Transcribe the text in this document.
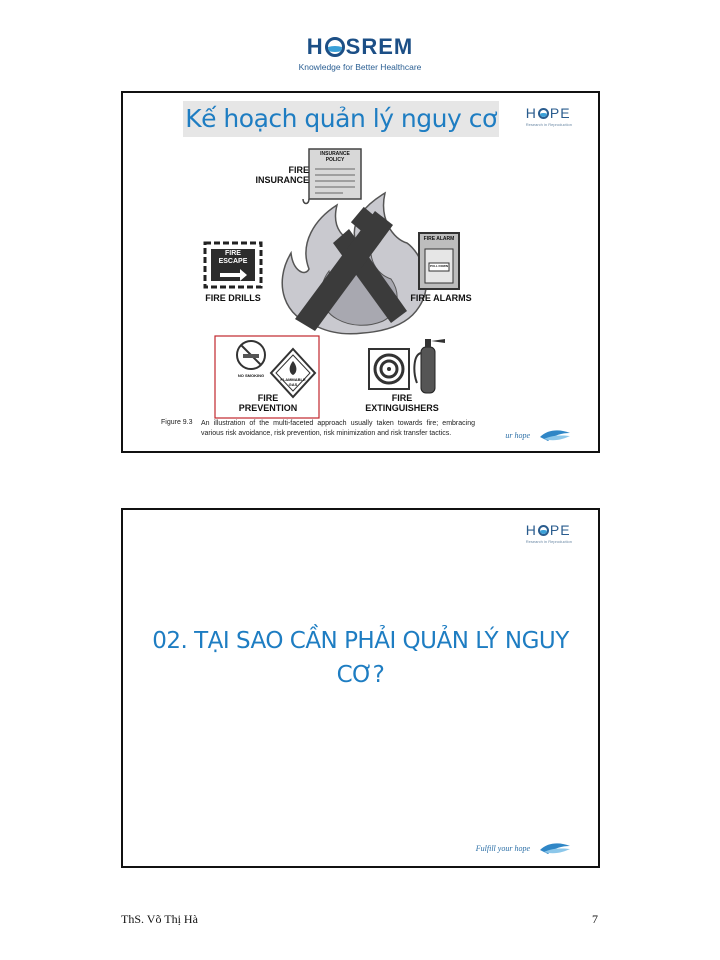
H SREM
Knowledge for Better Healthcare
Kế hoạch quản lý nguy cơ H PE
Research in Reproduction
FIRE
INSURANCE
INSURANCE
POLICY
FIRE
ESCAPE
FIRE DRILLS
FIRE ALARM
PULL DOWN
FIRE ALARMS
NO SMOKING
FLAMMABLE
GAS
FIRE
PREVENTION
FIRE
EXTINGUISHERS
Figure 9.3 An illustration of the multi-faceted approach usually taken towards fire; embracing various risk avoidance, risk prevention, risk minimization and risk transfer tactics.	ur hope
H PE
Research in Reproduction
02. TẠI SAO CẦN PHẢI QUẢN LÝ NGUY
CƠ?
Fulfill your hope
ThS. Võ Thị Hà	7
